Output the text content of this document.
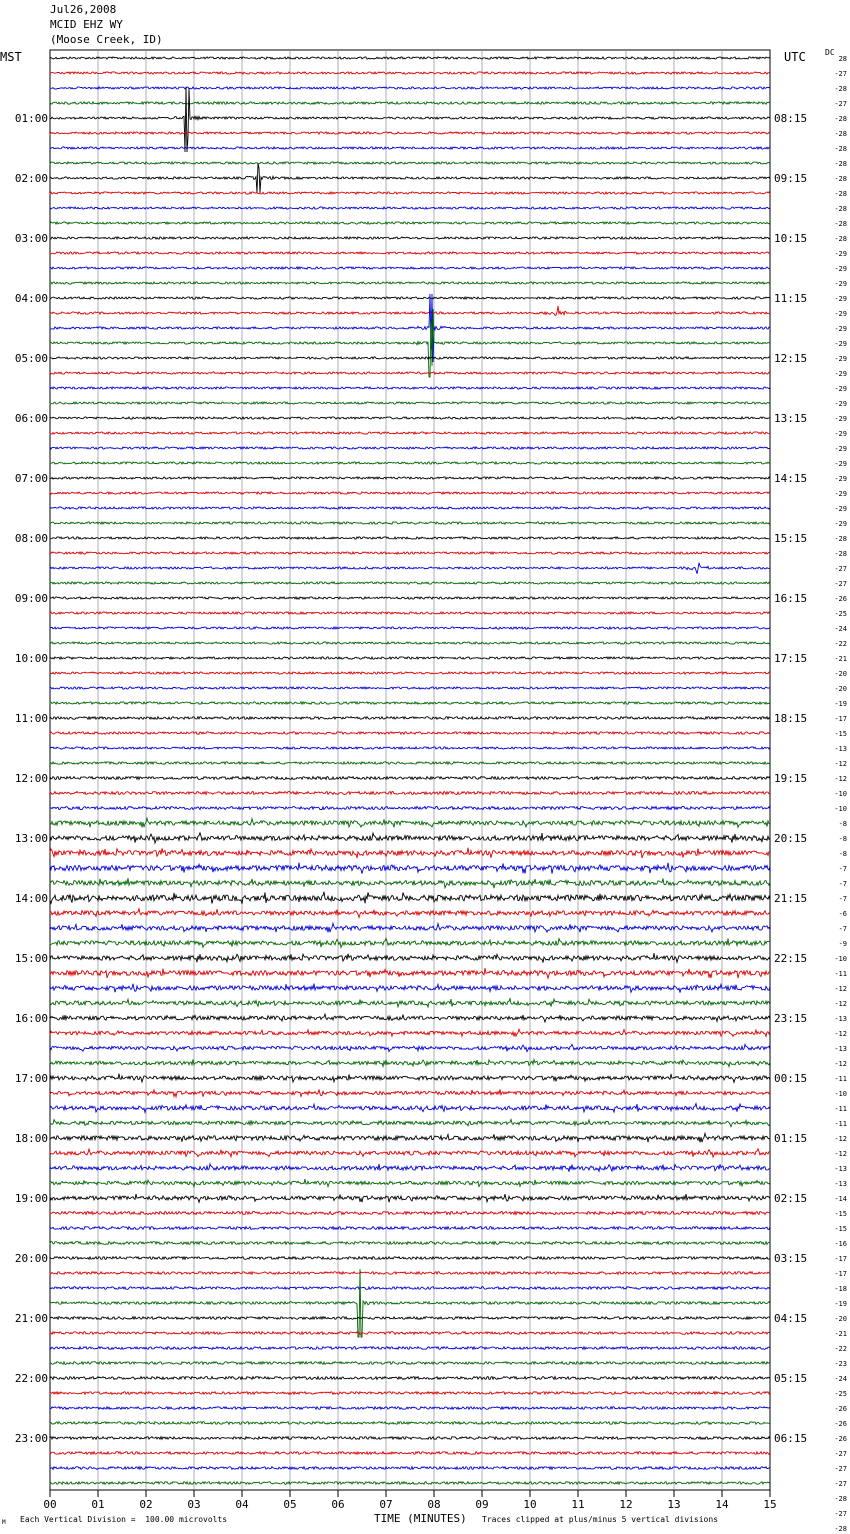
Jul26,2008
MCID EHZ WY
(Moose Creek, ID)
MST	UTC DC
00	01	02	03	04	05	06	07	08	09	10	11	12	13	14	15
01:00
02:00
03:00
04:00
05:00
06:00
07:00
08:00
09:00
10:00
11:00
12:00
13:00
14:00
15:00
16:00
17:00
18:00
19:00
20:00
21:00
22:00
23:00
08:15
09:15
10:15
11:15
12:15
13:15
14:15
15:15
16:15
17:15
18:15
19:15
20:15
21:15
22:15
23:15
00:15
01:15
02:15
03:15
04:15
05:15
06:15
28
-27
-28
-27
-28
-28
-28
-28
-28
-28
-28
-28
-28
-29
-29
-29
-29
-29
-29
-29
-29
-29
-29
-29
-29
-29
-29
-29
-29
-29
-29
-29
-28
-28
-27
-27
-26
-25
-24
-22
-21
-20
-20
-19
-17
-15
-13
-12
-12
-10
-10
-8
-8
-8
-7
-7
-7
-6
-7
-9
-10
-11
-12
-12
-13
-12
-13
-12
-11
-10
-11
-11
-12
-12
-13
-13
-14
-15
-15
-16
-17
-17
-18
-19
-20
-21
-22
-23
-24
-25
-26
-26
-26
-27
-27
-27
-28
-27
-28
M Each Vertical Division =  100.00 microvolts	TIME (MINUTES) Traces clipped at plus/minus 5 vertical divisions
